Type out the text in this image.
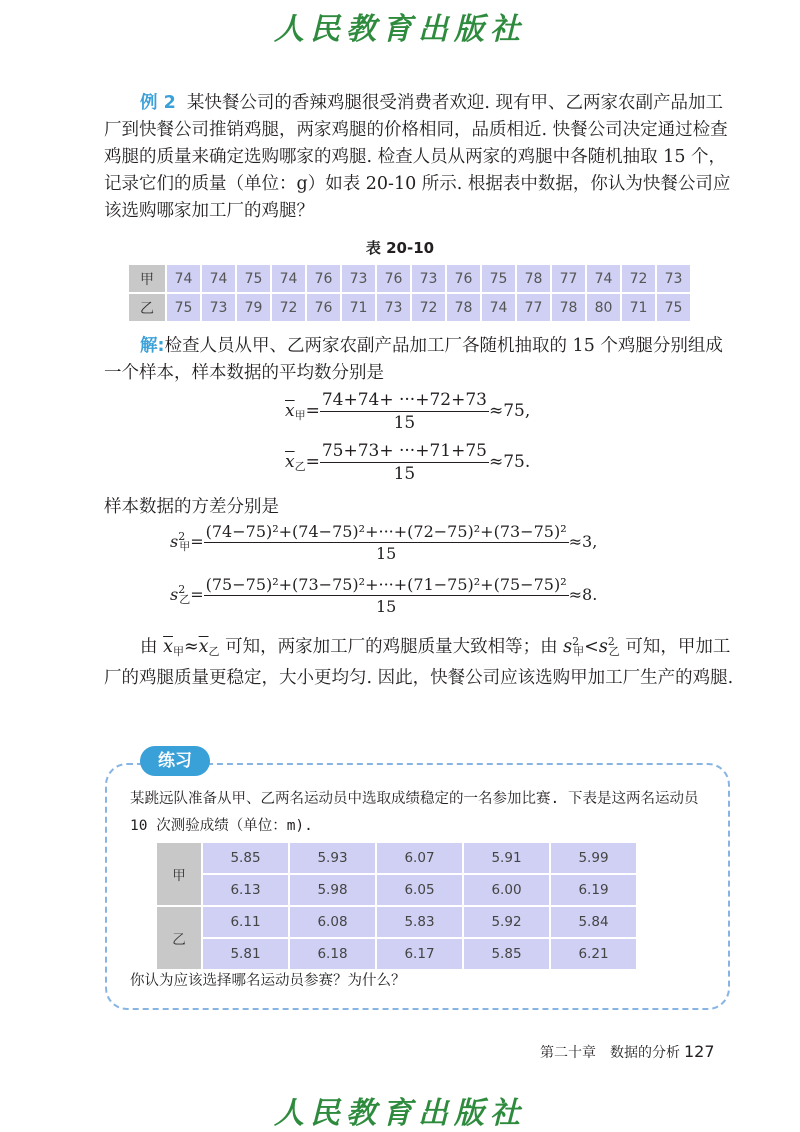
人民教育出版社

例 2 某快餐公司的香辣鸡腿很受消费者欢迎. 现有甲、乙两家农副产品加工厂到快餐公司推销鸡腿，两家鸡腿的价格相同，品质相近. 快餐公司决定通过检查鸡腿的质量来确定选购哪家的鸡腿. 检查人员从两家的鸡腿中各随机抽取 15 个，记录它们的质量（单位：g）如表 20-10 所示. 根据表中数据，你认为快餐公司应该选购哪家加工厂的鸡腿？

表 20-10
甲	74	74	75	74	76	73	76	73	76	75	78	77	74	72	73
乙	75	73	79	72	76	71	73	72	78	74	77	78	80	71	75

解:检查人员从甲、乙两家农副产品加工厂各随机抽取的 15 个鸡腿分别组成一个样本，样本数据的平均数分别是

$\overline{x}_甲= \frac{74+74+ \cdot\cdot\cdot+72+73}{15} \approx 75$,
$\overline{x}_乙= \frac{75+73+ \cdot\cdot\cdot+71+75}{15} \approx 75$.

样本数据的方差分别是

$s^2_甲= \frac{\text{(74−75)²+(74−75)²+···+(72−75)²+(73−75)²}}{15} \approx 3$,
$s^2_乙= \frac{\text{(75−75)²+(73−75)²+···+(71−75)²+(75−75)²}}{15} \approx 8$.

由 $\overline{x}_甲\approx\overline{x}_乙$ 可知，两家加工厂的鸡腿质量大致相等；由 $s^2_甲<s^2_乙$ 可知，甲加工厂的鸡腿质量更稳定，大小更均匀. 因此，快餐公司应该选购甲加工厂生产的鸡腿.

练习

某跳远队准备从甲、乙两名运动员中选取成绩稳定的一名参加比赛. 下表是这两名运动员 10 次测验成绩（单位：m).

甲	5.85	5.93	6.07	5.91	5.99
	6.13	5.98	6.05	6.00	6.19
乙	6.11	6.08	5.83	5.92	5.84
	5.81	6.18	6.17	5.85	6.21

你认为应该选择哪名运动员参赛？为什么？

第二十章　数据的分析 127
人民教育出版社
